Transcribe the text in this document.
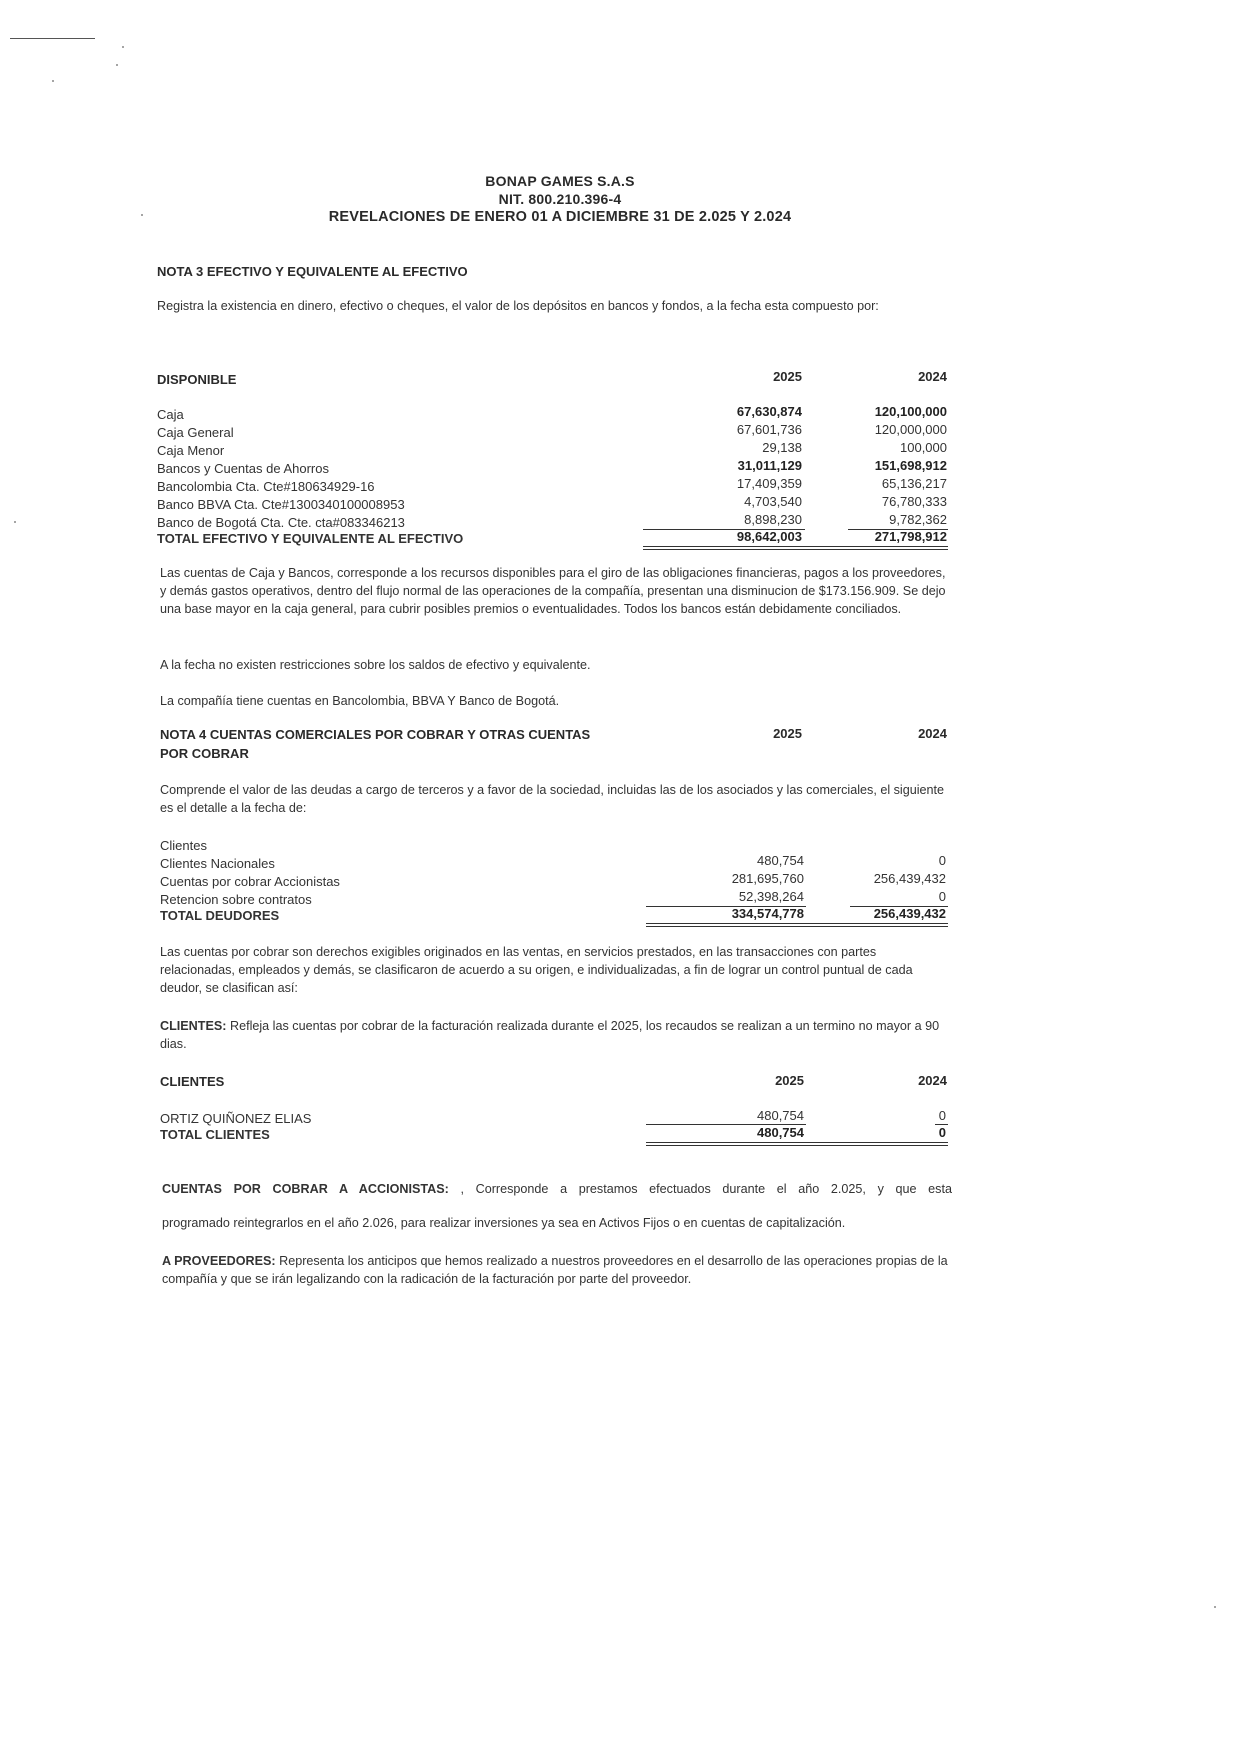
BONAP GAMES S.A.S
NIT. 800.210.396-4
REVELACIONES DE ENERO 01 A DICIEMBRE 31 DE 2.025 Y 2.024
NOTA 3 EFECTIVO Y EQUIVALENTE AL EFECTIVO
Registra la existencia en dinero, efectivo o cheques, el valor de los depósitos en bancos y fondos, a la fecha esta compuesto por:
DISPONIBLE	2025	2024
Caja	67,630,874	120,100,000
Caja General	67,601,736	120,000,000
Caja Menor	29,138	100,000
Bancos y Cuentas de Ahorros	31,011,129	151,698,912
Bancolombia Cta. Cte#180634929-16	17,409,359	65,136,217
Banco BBVA Cta. Cte#1300340100008953	4,703,540	76,780,333
Banco de Bogotá Cta. Cte. cta#083346213	8,898,230	9,782,362
TOTAL EFECTIVO Y EQUIVALENTE AL EFECTIVO	98,642,003	271,798,912
Las cuentas de Caja y Bancos, corresponde a los recursos disponibles para el giro de las obligaciones financieras, pagos a los proveedores, y demás gastos operativos, dentro del flujo normal de las operaciones de la compañía, presentan una disminucion de $173.156.909. Se dejo una base mayor en la caja general, para cubrir posibles premios o eventualidades. Todos los bancos están debidamente conciliados.
A la fecha no existen restricciones sobre los saldos de efectivo y equivalente.
La compañía tiene cuentas en Bancolombia, BBVA Y Banco de Bogotá.
NOTA 4 CUENTAS COMERCIALES POR COBRAR Y OTRAS CUENTAS
POR COBRAR
2025	2024
Comprende el valor de las deudas a cargo de terceros y a favor de la sociedad, incluidas las de los asociados y las comerciales, el siguiente es el detalle a la fecha de:
Clientes
Clientes Nacionales	480,754	0
Cuentas por cobrar Accionistas	281,695,760	256,439,432
Retencion sobre contratos	52,398,264	0
TOTAL DEUDORES	334,574,778	256,439,432
Las cuentas por cobrar son derechos exigibles originados en las ventas, en servicios prestados, en las transacciones con partes relacionadas, empleados y demás, se clasificaron de acuerdo a su origen, e individualizadas, a fin de lograr un control puntual de cada deudor, se clasifican así:
CLIENTES: Refleja las cuentas por cobrar de la facturación realizada durante el 2025, los recaudos se realizan a un termino no mayor a 90 dias.
CLIENTES	2025	2024
ORTIZ QUIÑONEZ ELIAS	480,754	0
TOTAL CLIENTES	480,754	0
CUENTAS POR COBRAR A ACCIONISTAS: , Corresponde a prestamos efectuados durante el año 2.025, y que esta
programado reintegrarlos en el año 2.026, para realizar inversiones ya sea en Activos Fijos o en cuentas de capitalización.
A PROVEEDORES: Representa los anticipos que hemos realizado a nuestros proveedores en el desarrollo de las operaciones propias de la compañía y que se irán legalizando con la radicación de la facturación por parte del proveedor.
